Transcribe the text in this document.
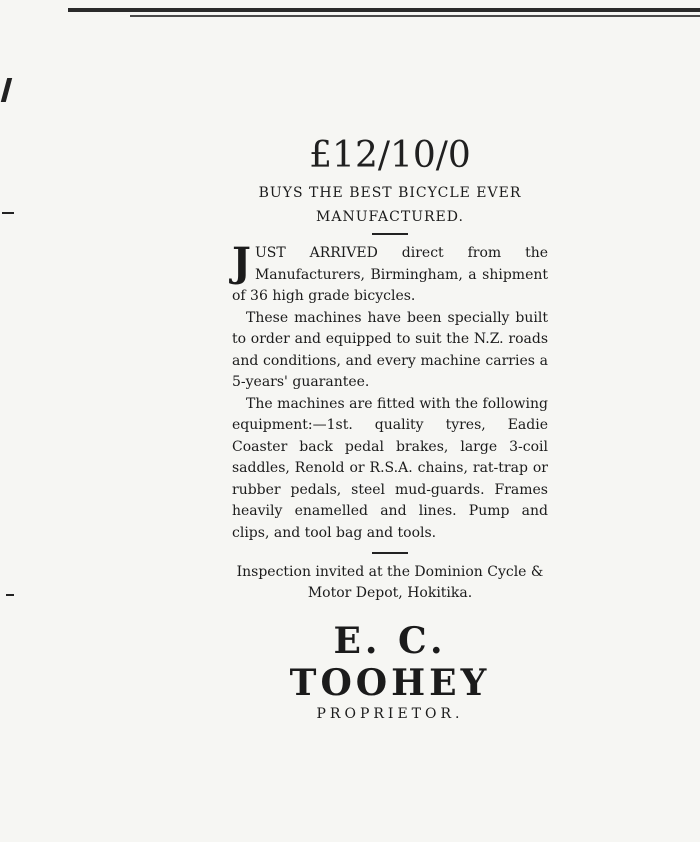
£12/10/0
BUYS THE BEST BICYCLE EVER
MANUFACTURED.

JUST ARRIVED direct from the Manufacturers, Birmingham, a shipment of 36 high grade bicycles.

These machines have been specially built to order and equipped to suit the N.Z. roads and conditions, and every machine carries a 5-years' guarantee.

The machines are fitted with the following equipment:—1st. quality tyres, Eadie Coaster back pedal brakes, large 3-coil saddles, Renold or R.S.A. chains, rat-trap or rubber pedals, steel mud-guards. Frames heavily enamelled and lines. Pump and clips, and tool bag and tools.

Inspection invited at the Dominion Cycle & Motor Depot, Hokitika.
E. C. TOOHEY
PROPRIETOR.
